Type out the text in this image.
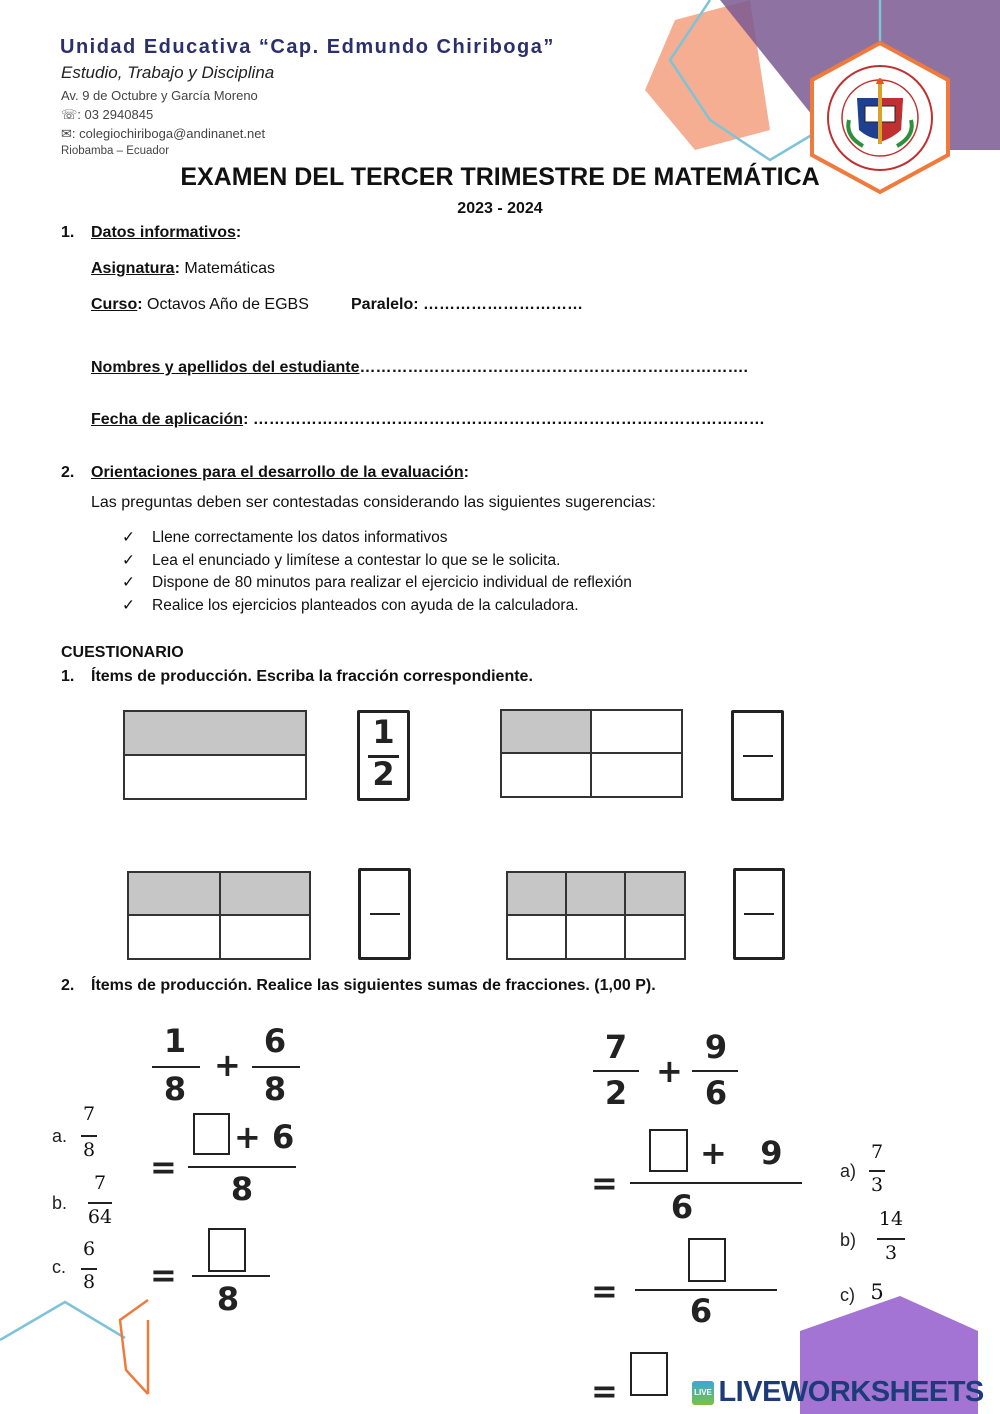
Unidad Educativa “Cap. Edmundo Chiriboga”
Estudio, Trabajo y Disciplina
Av. 9 de Octubre y García Moreno
☏: 03 2940845
✉: colegiochiriboga@andinanet.net
Riobamba – Ecuador
EXAMEN DEL TERCER TRIMESTRE DE MATEMÁTICA
2023 - 2024
1. Datos informativos:
Asignatura: Matemáticas
Curso: Octavos Año de EGBS	Paralelo: …………………………
Nombres y apellidos del estudiante……………………………………………………………….
Fecha de aplicación: ……………………………………………………………………………………
2. Orientaciones para el desarrollo de la evaluación:
Las preguntas deben ser contestadas considerando las siguientes sugerencias:
✓ Llene correctamente los datos informativos
✓ Lea el enunciado y limítese a contestar lo que se le solicita.
✓ Dispone de 80 minutos para realizar el ejercicio individual de reflexión
✓ Realice los ejercicios planteados con ayuda de la calculadora.
CUESTIONARIO
1. Ítems de producción. Escriba la fracción correspondiente.
1
2
2. Ítems de producción. Realice las siguientes sumas de fracciones. (1,00 P).
1
8
+
6
8
=
+ 6
8
=
8
a.
7
8
b.
7
64
c.
6
8
7
2
+
9
6
=
+   9
6
=
6
=
a)
7
3
b)
14
3
c) 5
LIVE LIVEWORKSHEETS
